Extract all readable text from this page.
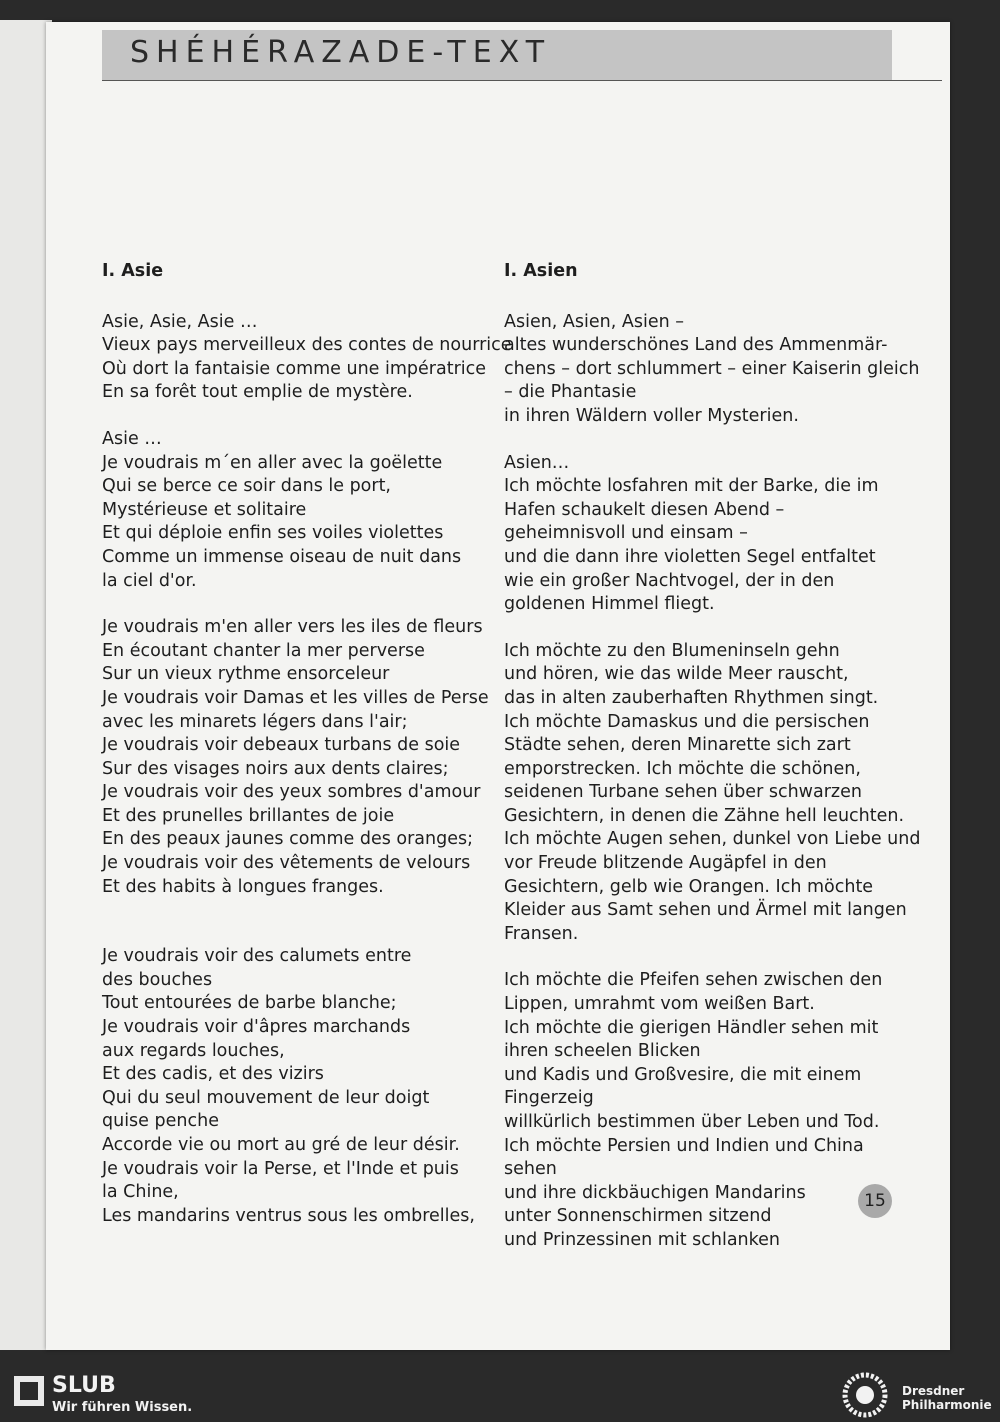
SHÉHÉRAZADE-TEXT
I. Asie
Asie, Asie, Asie …
Vieux pays merveilleux des contes de nourrice
Où dort la fantaisie comme une impératrice
En sa forêt tout emplie de mystère.
Asie …
Je voudrais m´en aller avec la goëlette
Qui se berce ce soir dans le port,
Mystérieuse et solitaire
Et qui déploie enfin ses voiles violettes
Comme un immense oiseau de nuit dans
la ciel d'or.
Je voudrais m'en aller vers les iles de fleurs
En écoutant chanter la mer perverse
Sur un vieux rythme ensorceleur
Je voudrais voir Damas et les villes de Perse
avec les minarets légers dans l'air;
Je voudrais voir debeaux turbans de soie
Sur des visages noirs aux dents claires;
Je voudrais voir des yeux sombres d'amour
Et des prunelles brillantes de joie
En des peaux jaunes comme des oranges;
Je voudrais voir des vêtements de velours
Et des habits à longues franges.
Je voudrais voir des calumets entre
des bouches
Tout entourées de barbe blanche;
Je voudrais voir d'âpres marchands
aux regards louches,
Et des cadis, et des vizirs
Qui du seul mouvement de leur doigt
quise penche
Accorde vie ou mort au gré de leur désir.
Je voudrais voir la Perse, et l'Inde et puis
la Chine,
Les mandarins ventrus sous les ombrelles,
I. Asien
Asien, Asien, Asien –
altes wunderschönes Land des Ammenmär-
chens – dort schlummert – einer Kaiserin gleich
– die Phantasie
in ihren Wäldern voller Mysterien.
Asien…
Ich möchte losfahren mit der Barke, die im
Hafen schaukelt diesen Abend –
geheimnisvoll und einsam –
und die dann ihre violetten Segel entfaltet
wie ein großer Nachtvogel, der in den
goldenen Himmel fliegt.
Ich möchte zu den Blumeninseln gehn
und hören, wie das wilde Meer rauscht,
das in alten zauberhaften Rhythmen singt.
Ich möchte Damaskus und die persischen
Städte sehen, deren Minarette sich zart
emporstrecken. Ich möchte die schönen,
seidenen Turbane sehen über schwarzen
Gesichtern, in denen die Zähne hell leuchten.
Ich möchte Augen sehen, dunkel von Liebe und
vor Freude blitzende Augäpfel in den
Gesichtern, gelb wie Orangen. Ich möchte
Kleider aus Samt sehen und Ärmel mit langen
Fransen.
Ich möchte die Pfeifen sehen zwischen den
Lippen, umrahmt vom weißen Bart.
Ich möchte die gierigen Händler sehen mit
ihren scheelen Blicken
und Kadis und Großvesire, die mit einem
Fingerzeig
willkürlich bestimmen über Leben und Tod.
Ich möchte Persien und Indien und China
sehen
und ihre dickbäuchigen Mandarins
unter Sonnenschirmen sitzend
und Prinzessinen mit schlanken
15
SLUB
Wir führen Wissen.
Dresdner
Philharmonie
